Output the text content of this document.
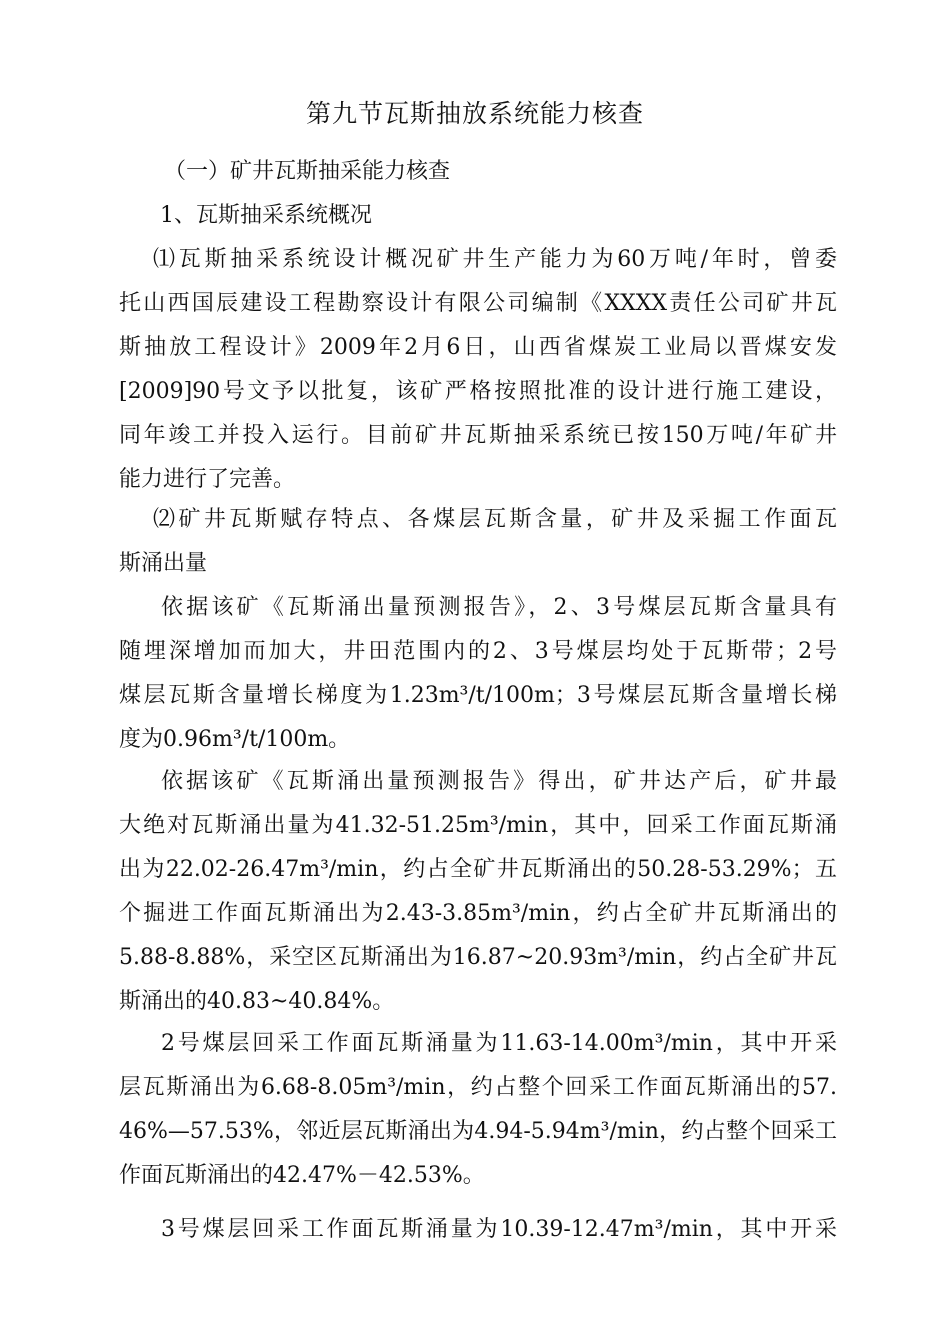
第九节瓦斯抽放系统能力核查
（一）矿井瓦斯抽采能力核查
1、瓦斯抽采系统概况
⑴瓦斯抽采系统设计概况矿井生产能力为60万吨/年时，曾委
托山西国辰建设工程勘察设计有限公司编制《XXXX责任公司矿井瓦
斯抽放工程设计》2009年2月6日，山西省煤炭工业局以晋煤安发
[2009]90号文予以批复，该矿严格按照批准的设计进行施工建设，
同年竣工并投入运行。目前矿井瓦斯抽采系统已按150万吨/年矿井
能力进行了完善。
⑵矿井瓦斯赋存特点、各煤层瓦斯含量，矿井及采掘工作面瓦
斯涌出量
依据该矿《瓦斯涌出量预测报告》，2、3号煤层瓦斯含量具有
随埋深增加而加大，井田范围内的2、3号煤层均处于瓦斯带；2号
煤层瓦斯含量增长梯度为1.23m³/t/100m；3号煤层瓦斯含量增长梯
度为0.96m³/t/100m。
依据该矿《瓦斯涌出量预测报告》得出，矿井达产后，矿井最
大绝对瓦斯涌出量为41.32-51.25m³/min，其中，回采工作面瓦斯涌
出为22.02-26.47m³/min，约占全矿井瓦斯涌出的50.28-53.29%；五
个掘进工作面瓦斯涌出为2.43-3.85m³/min，约占全矿井瓦斯涌出的
5.88-8.88%，采空区瓦斯涌出为16.87~20.93m³/min，约占全矿井瓦
斯涌出的40.83~40.84%。
2号煤层回采工作面瓦斯涌量为11.63-14.00m³/min，其中开采
层瓦斯涌出为6.68-8.05m³/min，约占整个回采工作面瓦斯涌出的57.
46%—57.53%，邻近层瓦斯涌出为4.94-5.94m³/min，约占整个回采工
作面瓦斯涌出的42.47%－42.53%。
3号煤层回采工作面瓦斯涌量为10.39-12.47m³/min，其中开采
